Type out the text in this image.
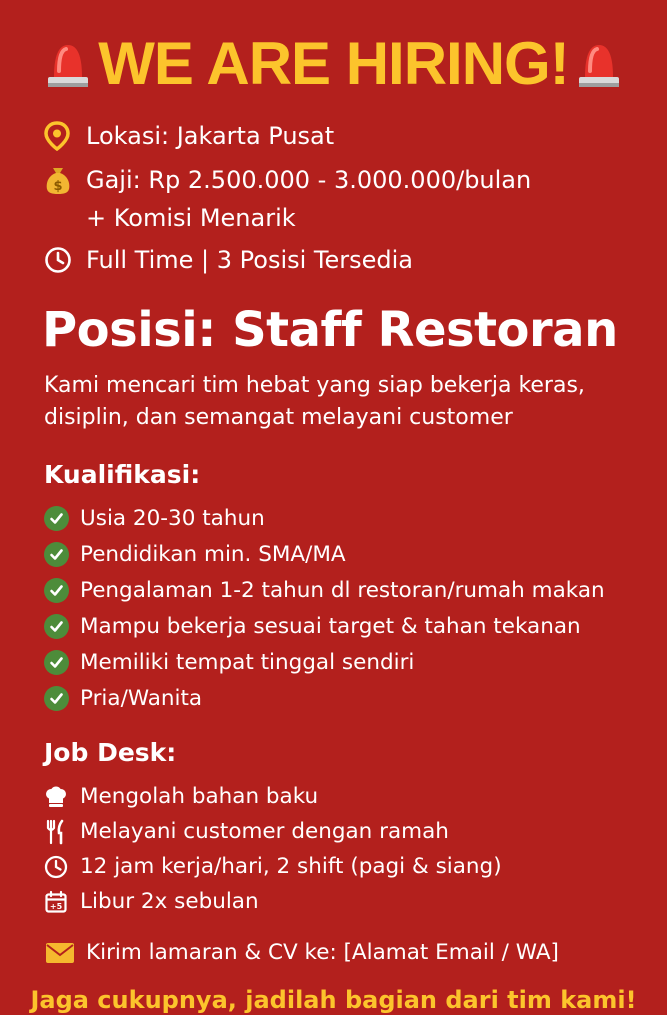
WE ARE HIRING!
Lokasi: Jakarta Pusat
$ Gaji: Rp 2.500.000 - 3.000.000/bulan
+ Komisi Menarik
Full Time | 3 Posisi Tersedia
Posisi: Staff Restoran
Kami mencari tim hebat yang siap bekerja keras,
disiplin, dan semangat melayani customer
Kualifikasi:
Usia 20-30 tahun
Pendidikan min. SMA/MA
Pengalaman 1-2 tahun dl restoran/rumah makan
Mampu bekerja sesuai target & tahan tekanan
Memiliki tempat tinggal sendiri
Pria/Wanita
Job Desk:
Mengolah bahan baku
Melayani customer dengan ramah
12 jam kerja/hari, 2 shift (pagi & siang)
+5 Libur 2x sebulan
Kirim lamaran & CV ke: [Alamat Email / WA]
Jaga cukupnya, jadilah bagian dari tim kami!
